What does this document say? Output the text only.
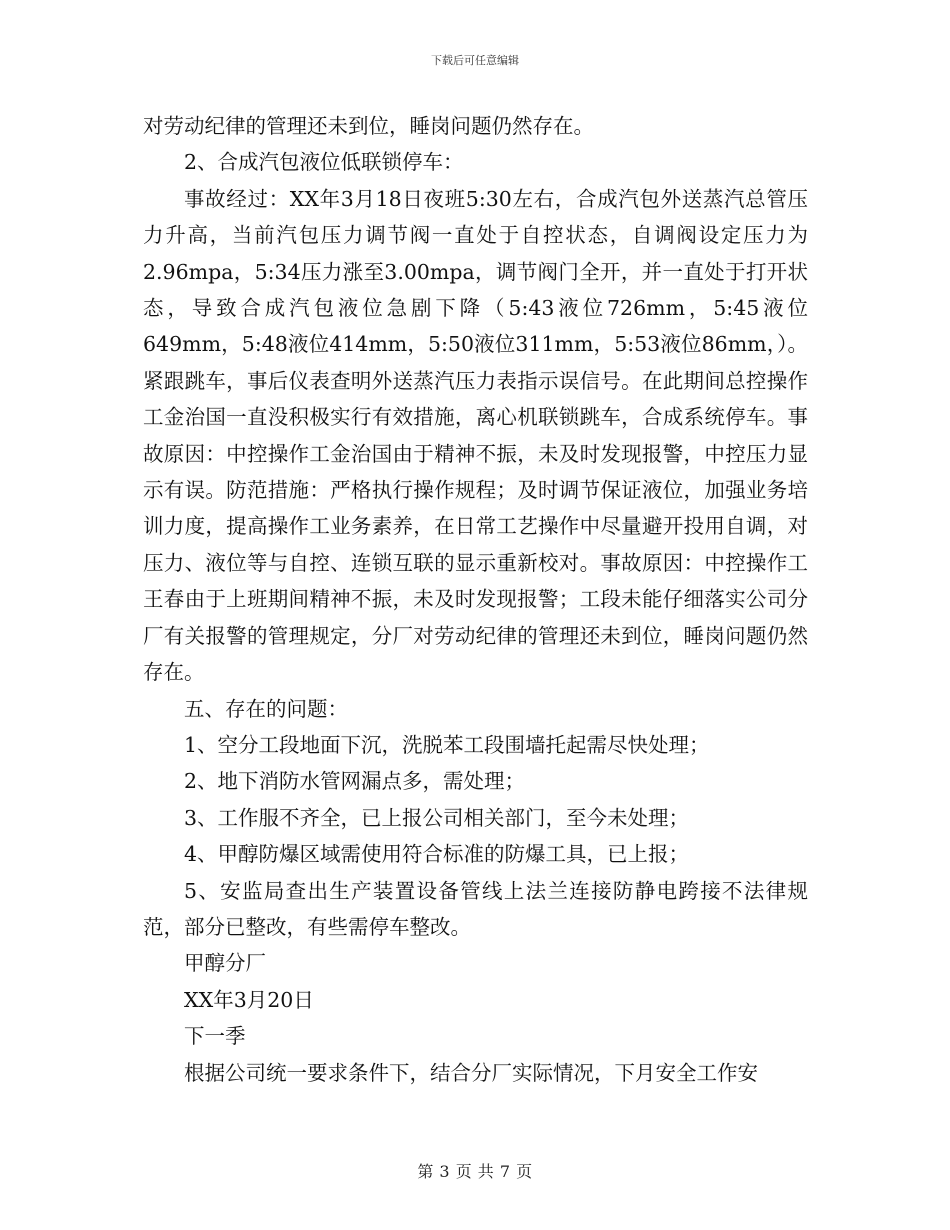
下载后可任意编辑

对劳动纪律的管理还未到位，睡岗问题仍然存在。

2、合成汽包液位低联锁停车：

事故经过：XX年3月18日夜班5:30左右，合成汽包外送蒸汽总管压力升高，当前汽包压力调节阀一直处于自控状态，自调阀设定压力为2.96mpa，5:34压力涨至3.00mpa，调节阀门全开，并一直处于打开状态，导致合成汽包液位急剧下降（5:43液位726mm，5:45液位649mm，5:48液位414mm，5:50液位311mm，5:53液位86mm，）。紧跟跳车，事后仪表查明外送蒸汽压力表指示误信号。在此期间总控操作工金治国一直没积极实行有效措施，离心机联锁跳车，合成系统停车。事故原因：中控操作工金治国由于精神不振，未及时发现报警，中控压力显示有误。防范措施：严格执行操作规程；及时调节保证液位，加强业务培训力度，提高操作工业务素养，在日常工艺操作中尽量避开投用自调，对压力、液位等与自控、连锁互联的显示重新校对。事故原因：中控操作工王春由于上班期间精神不振，未及时发现报警；工段未能仔细落实公司分厂有关报警的管理规定，分厂对劳动纪律的管理还未到位，睡岗问题仍然存在。

五、存在的问题：

1、空分工段地面下沉，洗脱苯工段围墙托起需尽快处理；

2、地下消防水管网漏点多，需处理；

3、工作服不齐全，已上报公司相关部门，至今未处理；

4、甲醇防爆区域需使用符合标准的防爆工具，已上报；

5、安监局查出生产装置设备管线上法兰连接防静电跨接不法律规范，部分已整改，有些需停车整改。

甲醇分厂

XX年3月20日

下一季

根据公司统一要求条件下，结合分厂实际情况，下月安全工作安

第 3 页 共 7 页
